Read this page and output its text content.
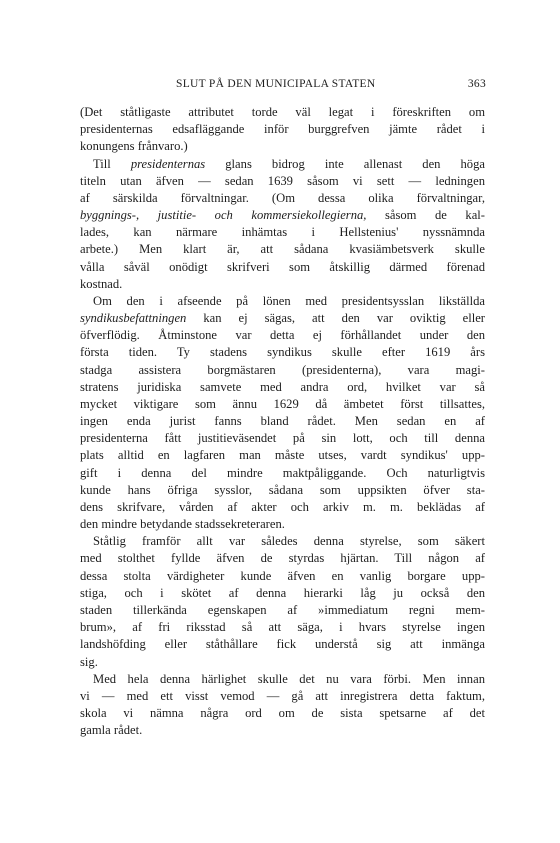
SLUT PÅ DEN MUNICIPALA STATEN	363
(Det ståtligaste attributet torde väl legat i föreskriften om
presidenternas edsafläggande inför burggrefven jämte rådet i
konungens frånvaro.)
Till presidenternas glans bidrog inte allenast den höga
titeln utan äfven — sedan 1639 såsom vi sett — ledningen
af särskilda förvaltningar. (Om dessa olika förvaltningar,
byggnings-, justitie- och kommersiekollegierna, såsom de kal-
lades, kan närmare inhämtas i Hellstenius' nyssnämnda
arbete.) Men klart är, att sådana kvasiämbetsverk skulle
vålla såväl onödigt skrifveri som åtskillig därmed förenad
kostnad.
Om den i afseende på lönen med presidentsysslan likställda
syndikusbefattningen kan ej sägas, att den var oviktig eller
öfverflödig. Åtminstone var detta ej förhållandet under den
första tiden. Ty stadens syndikus skulle efter 1619 års
stadga assistera borgmästaren (presidenterna), vara magi-
stratens juridiska samvete med andra ord, hvilket var så
mycket viktigare som ännu 1629 då ämbetet först tillsattes,
ingen enda jurist fanns bland rådet. Men sedan en af
presidenterna fått justitieväsendet på sin lott, och till denna
plats alltid en lagfaren man måste utses, vardt syndikus' upp-
gift i denna del mindre maktpåliggande. Och naturligtvis
kunde hans öfriga sysslor, sådana som uppsikten öfver sta-
dens skrifvare, vården af akter och arkiv m. m. beklädas af
den mindre betydande stadssekreteraren.
Ståtlig framför allt var således denna styrelse, som säkert
med stolthet fyllde äfven de styrdas hjärtan. Till någon af
dessa stolta värdigheter kunde äfven en vanlig borgare upp-
stiga, och i skötet af denna hierarki låg ju också den
staden tillerkända egenskapen af »immediatum regni mem-
brum», af fri riksstad så att säga, i hvars styrelse ingen
landshöfding eller ståthållare fick understå sig att inmänga
sig.
Med hela denna härlighet skulle det nu vara förbi. Men innan
vi — med ett visst vemod — gå att inregistrera detta faktum,
skola vi nämna några ord om de sista spetsarne af det
gamla rådet.
